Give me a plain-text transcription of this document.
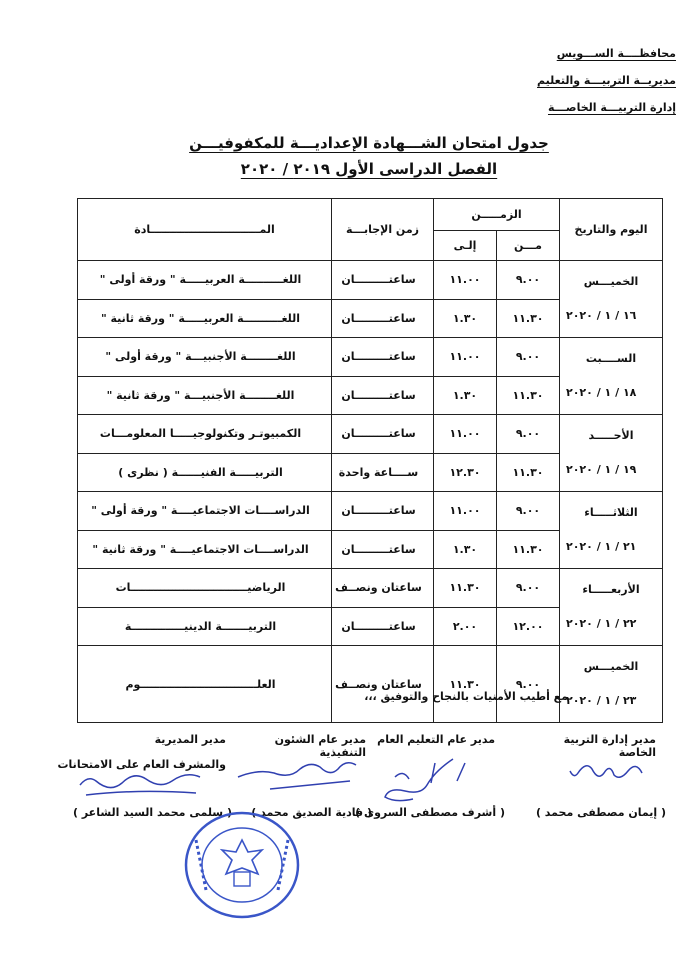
محافظــــة الســـويس
مديريــة التربيـــة والتعليم
إدارة التربيـــة الخاصـــة
جدول امتحان الشـــهادة الإعداديـــة للمكفوفيـــن
الفصل الدراسى الأول ٢٠١٩ / ٢٠٢٠
اليوم والتاريخ	الزمـــــن		زمن الإجابـــة	المـــــــــــــــــــــــــــــادة
	مـــن	إلـى		

الخميـــس
١٦ / ١ / ٢٠٢٠	٩.٠٠	١١.٠٠	ساعتـــــــــان	اللغــــــــــة العربيـــــة " ورقة أولى "
	١١.٣٠	١.٣٠	ساعتـــــــــان	اللغــــــــــة العربيـــــة " ورقة ثانية "

الســــبت
١٨ / ١ / ٢٠٢٠	٩.٠٠	١١.٠٠	ساعتـــــــــان	اللغــــــــة الأجنبيـــة " ورقة أولى "
	١١.٣٠	١.٣٠	ساعتـــــــــان	اللغــــــــة الأجنبيـــة " ورقة ثانية "

الأحـــــد
١٩ / ١ / ٢٠٢٠	٩.٠٠	١١.٠٠	ساعتـــــــــان	الكمبيوتـر وتكنولوجيـــــا المعلومـــات
	١١.٣٠	١٢.٣٠	ســــاعة واحدة	التربيـــــة الفنيــــــة ( نظرى )

الثلاثـــــاء
٢١ / ١ / ٢٠٢٠	٩.٠٠	١١.٠٠	ساعتـــــــــان	الدراســــات الاجتماعيــــة " ورقة أولى "
	١١.٣٠	١.٣٠	ساعتـــــــــان	الدراســــات الاجتماعيــــة " ورقة ثانية "

الأربعـــــاء
٢٢ / ١ / ٢٠٢٠	٩.٠٠	١١.٣٠	ساعتان ونصــف	الرياضيـــــــــــــــــــــــــــــــات
	١٢.٠٠	٢.٠٠	ساعتـــــــــان	التربيـــــــة الدينيــــــــــــــة

الخميـــس
٢٣ / ١ / ٢٠٢٠	٩.٠٠	١١.٣٠	ساعتان ونصــف	العلـــــــــــــــــــــــــــــــوم
مع أطيب الأمنيات بالنجاح والتوفيق ،،،
مدير إدارة التربية الخاصة
( إيمان مصطفى محمد )
مدير عام التعليم العام
( أشرف مصطفى السروى )
مدير عام الشئون التنفيذية
( فادية الصديق محمد )
مدير المديرية
والمشرف العام على الامتحانات
( سلمى محمد السيد الشاعر )
